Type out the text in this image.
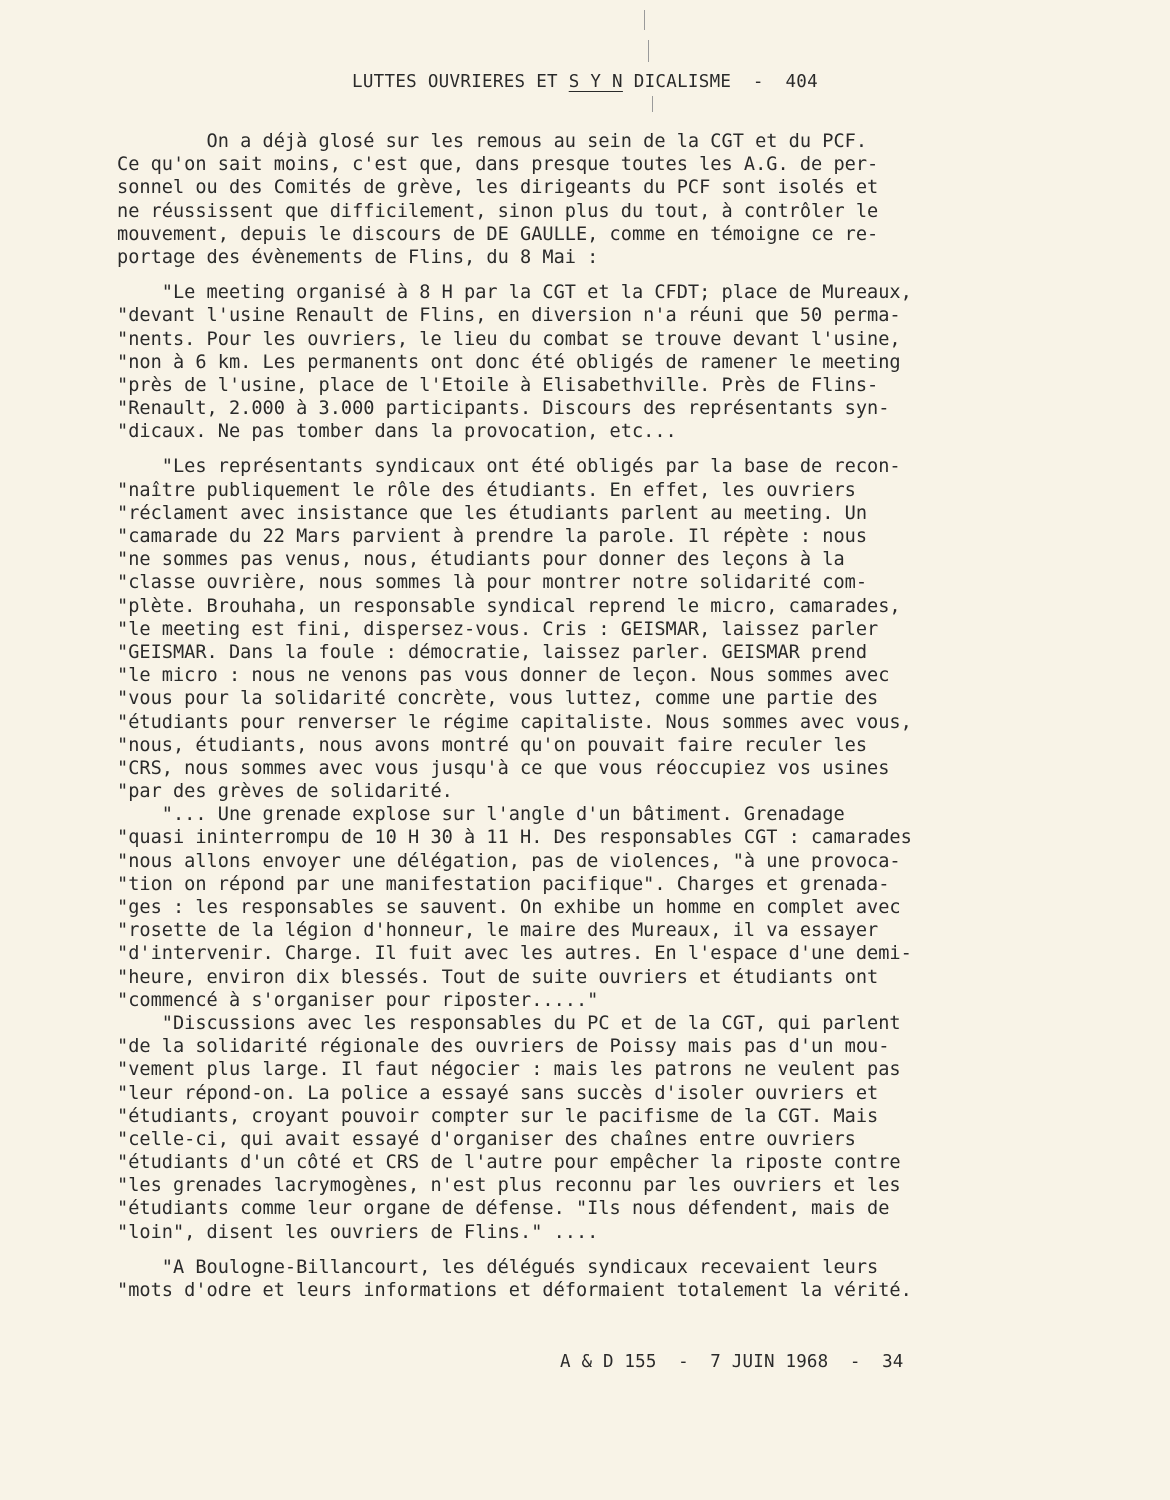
LUTTES OUVRIERES ET S Y N DICALISME  -  404
On a déjà glosé sur les remous au sein de la CGT et du PCF.
Ce qu'on sait moins, c'est que, dans presque toutes les A.G. de per-
sonnel ou des Comités de grève, les dirigeants du PCF sont isolés et
ne réussissent que difficilement, sinon plus du tout, à contrôler le
mouvement, depuis le discours de DE GAULLE, comme en témoigne ce re-
portage des évènements de Flins, du 8 Mai :
"Le meeting organisé à 8 H par la CGT et la CFDT; place de Mureaux,
"devant l'usine Renault de Flins, en diversion n'a réuni que 50 perma-
"nents. Pour les ouvriers, le lieu du combat se trouve devant l'usine,
"non à 6 km. Les permanents ont donc été obligés de ramener le meeting
"près de l'usine, place de l'Etoile à Elisabethville. Près de Flins-
"Renault, 2.000 à 3.000 participants. Discours des représentants syn-
"dicaux. Ne pas tomber dans la provocation, etc...
"Les représentants syndicaux ont été obligés par la base de recon-
"naître publiquement le rôle des étudiants. En effet, les ouvriers
"réclament avec insistance que les étudiants parlent au meeting. Un
"camarade du 22 Mars parvient à prendre la parole. Il répète : nous
"ne sommes pas venus, nous, étudiants pour donner des leçons à la
"classe ouvrière, nous sommes là pour montrer notre solidarité com-
"plète. Brouhaha, un responsable syndical reprend le micro, camarades,
"le meeting est fini, dispersez-vous. Cris : GEISMAR, laissez parler
"GEISMAR. Dans la foule : démocratie, laissez parler. GEISMAR prend
"le micro : nous ne venons pas vous donner de leçon. Nous sommes avec
"vous pour la solidarité concrète, vous luttez, comme une partie des
"étudiants pour renverser le régime capitaliste. Nous sommes avec vous,
"nous, étudiants, nous avons montré qu'on pouvait faire reculer les
"CRS, nous sommes avec vous jusqu'à ce que vous réoccupiez vos usines
"par des grèves de solidarité.
"... Une grenade explose sur l'angle d'un bâtiment. Grenadage
"quasi ininterrompu de 10 H 30 à 11 H. Des responsables CGT : camarades
"nous allons envoyer une délégation, pas de violences, "à une provoca-
"tion on répond par une manifestation pacifique". Charges et grenada-
"ges : les responsables se sauvent. On exhibe un homme en complet avec
"rosette de la légion d'honneur, le maire des Mureaux, il va essayer
"d'intervenir. Charge. Il fuit avec les autres. En l'espace d'une demi-
"heure, environ dix blessés. Tout de suite ouvriers et étudiants ont
"commencé à s'organiser pour riposter....."
"Discussions avec les responsables du PC et de la CGT, qui parlent
"de la solidarité régionale des ouvriers de Poissy mais pas d'un mou-
"vement plus large. Il faut négocier : mais les patrons ne veulent pas
"leur répond-on. La police a essayé sans succès d'isoler ouvriers et
"étudiants, croyant pouvoir compter sur le pacifisme de la CGT. Mais
"celle-ci, qui avait essayé d'organiser des chaînes entre ouvriers
"étudiants d'un côté et CRS de l'autre pour empêcher la riposte contre
"les grenades lacrymogènes, n'est plus reconnu par les ouvriers et les
"étudiants comme leur organe de défense. "Ils nous défendent, mais de
"loin", disent les ouvriers de Flins." ....
"A Boulogne-Billancourt, les délégués syndicaux recevaient leurs
"mots d'odre et leurs informations et déformaient totalement la vérité.
A & D 155  -  7 JUIN 1968  -  34
